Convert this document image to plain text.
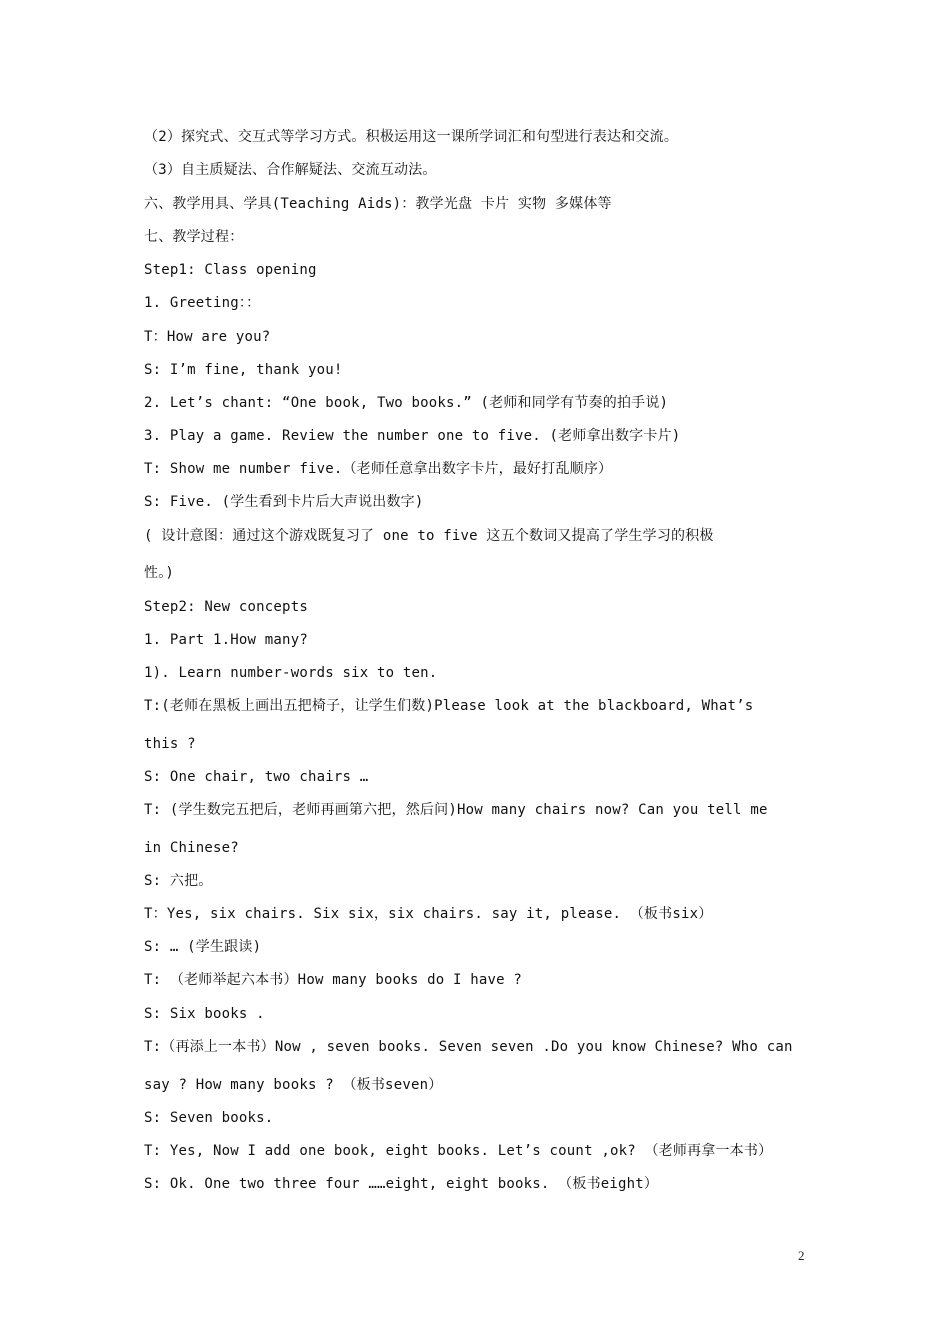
（2）探究式、交互式等学习方式。积极运用这一课所学词汇和句型进行表达和交流。
（3）自主质疑法、合作解疑法、交流互动法。
六、教学用具、学具(Teaching Aids)：教学光盘 卡片 实物 多媒体等
七、教学过程：
Step1: Class opening
1. Greeting：：
T：How are you?
S: I’m fine, thank you!
2. Let’s chant: “One book, Two books.” (老师和同学有节奏的拍手说)
3. Play a game. Review the number one to five. (老师拿出数字卡片)
T: Show me number five.（老师任意拿出数字卡片，最好打乱顺序）
S: Five. (学生看到卡片后大声说出数字)
( 设计意图：通过这个游戏既复习了 one to five 这五个数词又提高了学生学习的积极
性。)
Step2: New concepts
1. Part 1.How many?
1). Learn number-words six to ten.
T:(老师在黑板上画出五把椅子，让学生们数)Please look at the blackboard, What’s
this ?
S: One chair, two chairs …
T: (学生数完五把后，老师再画第六把，然后问)How many chairs now? Can you tell me
in Chinese?
S: 六把。
T：Yes, six chairs. Six six，six chairs. say it, please. （板书six）
S: … (学生跟读)
T: （老师举起六本书）How many books do I have ?
S: Six books .
T:（再添上一本书）Now , seven books. Seven seven .Do you know Chinese? Who can
say ? How many books ? （板书seven）
S: Seven books.
T: Yes, Now I add one book, eight books. Let’s count ,ok? （老师再拿一本书）
S: Ok. One two three four ……eight, eight books. （板书eight）
2
